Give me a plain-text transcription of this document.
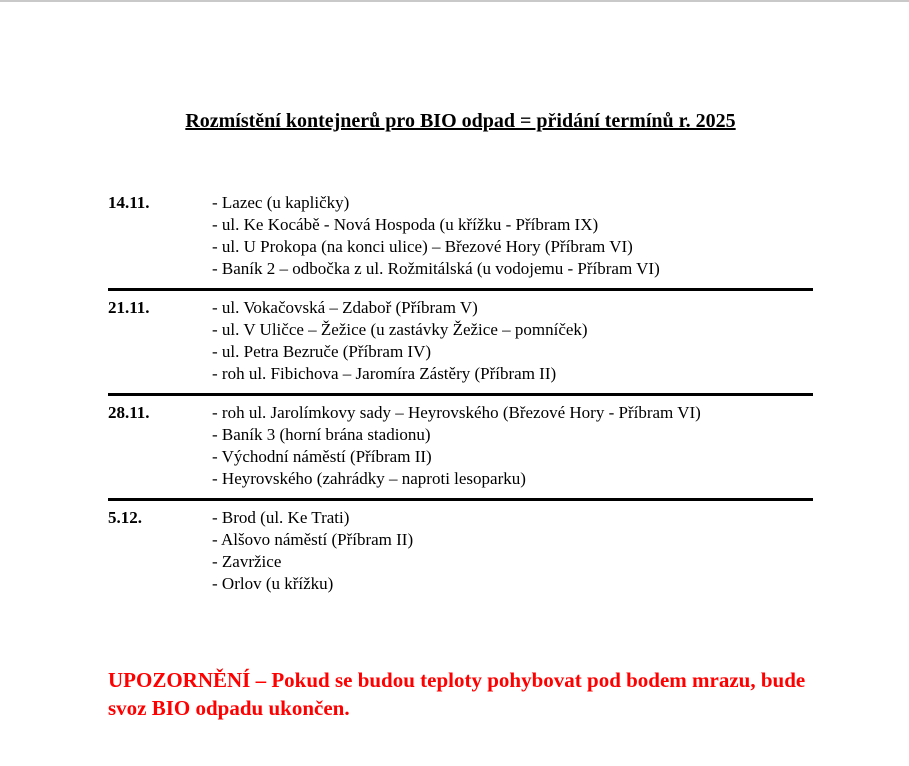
Rozmístění kontejnerů pro BIO odpad = přidání termínů r. 2025
14.11.	- Lazec (u kapličky)
- ul. Ke Kocábě - Nová Hospoda (u křížku - Příbram IX)
- ul. U Prokopa (na konci ulice) – Březové Hory (Příbram VI)
- Baník 2 – odbočka z ul. Rožmitálská (u vodojemu - Příbram VI)
21.11.	- ul. Vokačovská – Zdaboř (Příbram V)
- ul. V Uličce – Žežice (u zastávky Žežice – pomníček)
- ul. Petra Bezruče (Příbram IV)
- roh ul. Fibichova – Jaromíra Zástěry (Příbram II)
28.11.	- roh ul. Jarolímkovy sady – Heyrovského (Březové Hory - Příbram VI)
- Baník 3 (horní brána stadionu)
- Východní náměstí (Příbram II)
- Heyrovského (zahrádky – naproti lesoparku)
5.12.	- Brod (ul. Ke Trati)
- Alšovo náměstí (Příbram II)
- Zavržice
- Orlov (u křížku)

UPOZORNĚNÍ – Pokud se budou teploty pohybovat pod bodem mrazu, bude svoz BIO odpadu ukončen.
